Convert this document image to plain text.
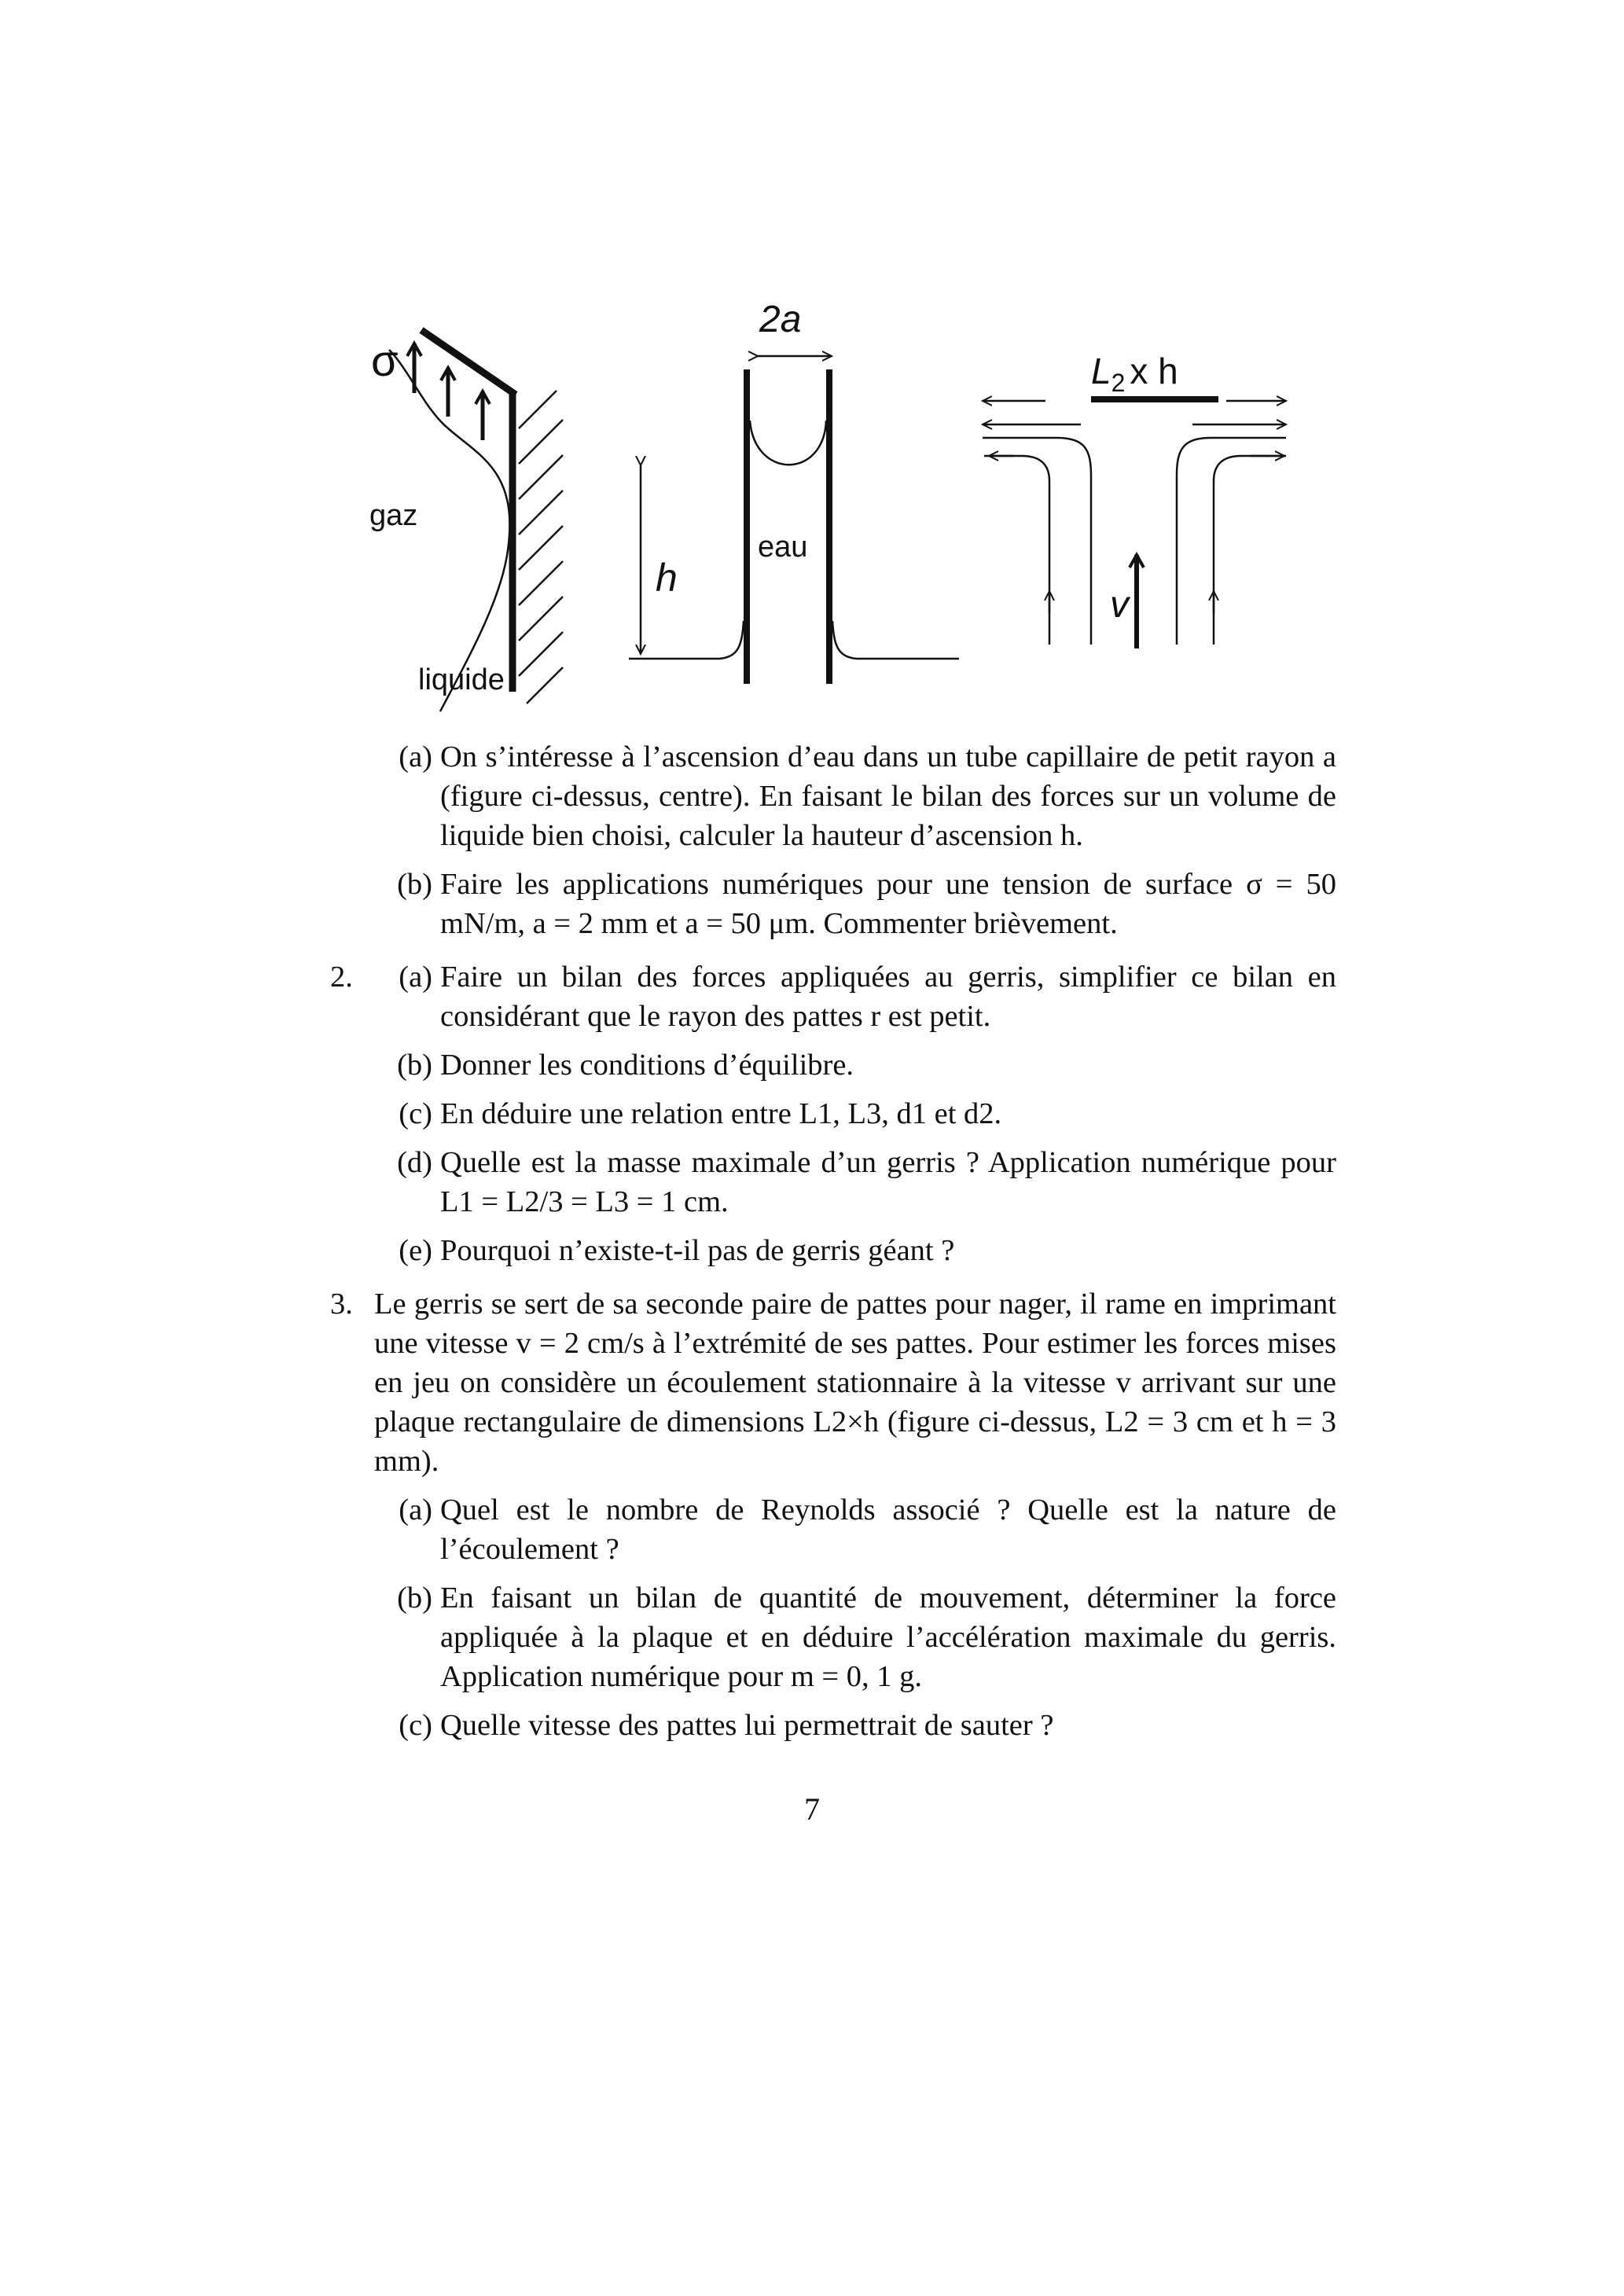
σ
gaz
liquide
2a
h
eau
$L_2$ x h
v
(a) On s’intéresse à l’ascension d’eau dans un tube capillaire de petit rayon a (figure ci-dessus, centre). En faisant le bilan des forces sur un volume de liquide bien choisi, calculer la hauteur d’ascension h.
(b) Faire les applications numériques pour une tension de surface σ = 50 mN/m, a = 2 mm et a = 50 μm. Commenter brièvement.
2.	(a) Faire un bilan des forces appliquées au gerris, simplifier ce bilan en considérant que le rayon des pattes r est petit.
(b) Donner les conditions d’équilibre.
(c) En déduire une relation entre L1, L3, d1 et d2.
(d) Quelle est la masse maximale d’un gerris ? Application numérique pour L1 = L2/3 = L3 = 1 cm.
(e) Pourquoi n’existe-t-il pas de gerris géant ?
3. Le gerris se sert de sa seconde paire de pattes pour nager, il rame en imprimant une vitesse v = 2 cm/s à l’extrémité de ses pattes. Pour estimer les forces mises en jeu on considère un écoulement stationnaire à la vitesse v arrivant sur une plaque rectangulaire de dimensions L2×h (figure ci-dessus, L2 = 3 cm et h = 3 mm).
(a) Quel est le nombre de Reynolds associé ? Quelle est la nature de l’écoulement ?
(b) En faisant un bilan de quantité de mouvement, déterminer la force appliquée à la plaque et en déduire l’accélération maximale du gerris. Application numérique pour m = 0, 1 g.
(c) Quelle vitesse des pattes lui permettrait de sauter ?
7
